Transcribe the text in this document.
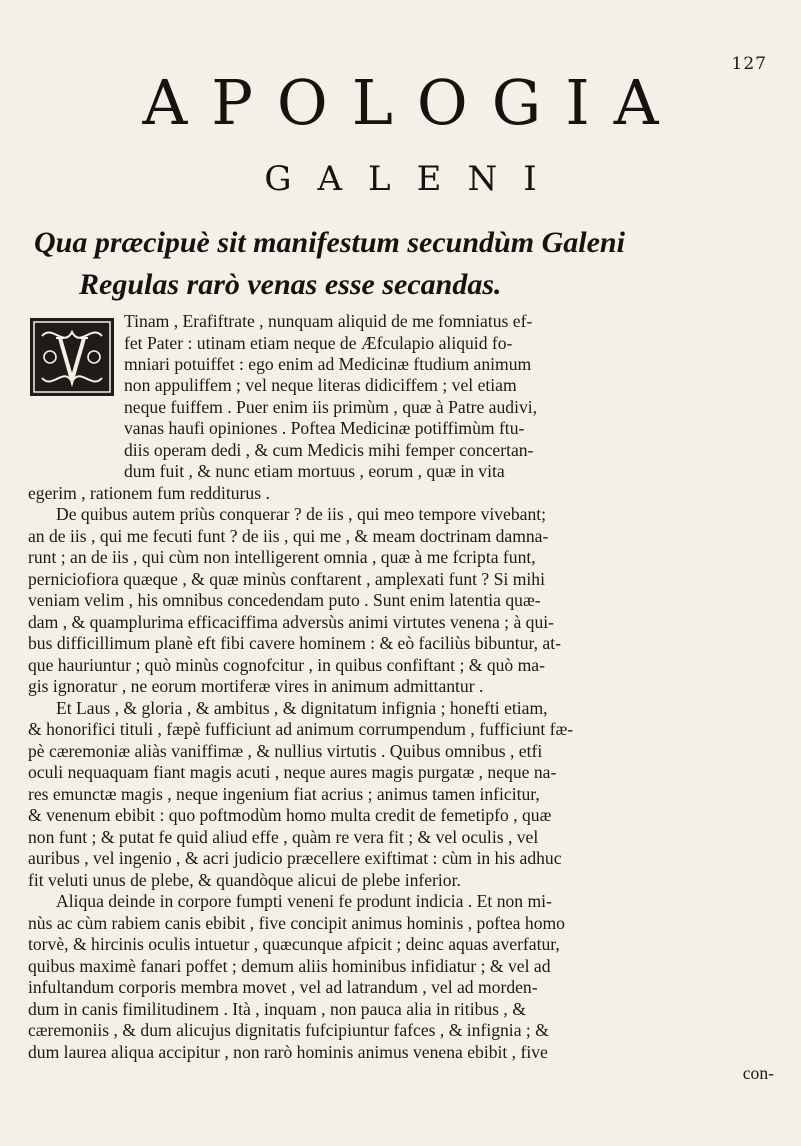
127
APOLOGIA
GALENI
Qua præcipuè sit manifestum secundùm Galeni
Regulas rarò venas esse secandas.
Tinam , Erafiftrate , nunquam aliquid de me fomniatus ef-
fet Pater : utinam etiam neque de Æfculapio aliquid fo-
mniari potuiffet : ego enim ad Medicinæ ftudium animum
non appuliffem ; vel neque literas didiciffem ; vel etiam
neque fuiffem . Puer enim iis primùm , quæ à Patre audivi,
vanas haufi opiniones . Poftea Medicinæ potiffimùm ftu-
diis operam dedi , & cum Medicis mihi femper concertan-
dum fuit , & nunc etiam mortuus , eorum , quæ in vita
egerim , rationem fum redditurus .
De quibus autem priùs conquerar ? de iis , qui meo tempore vivebant;
an de iis , qui me fecuti funt ? de iis , qui me , & meam doctrinam damna-
runt ; an de iis , qui cùm non intelligerent omnia , quæ à me fcripta funt,
perniciofiora quæque , & quæ minùs conftarent , amplexati funt ? Si mihi
veniam velim , his omnibus concedendam puto . Sunt enim latentia quæ-
dam , & quamplurima efficaciffima adversùs animi virtutes venena ; à qui-
bus difficillimum planè eft fibi cavere hominem : & eò faciliùs bibuntur, at-
que hauriuntur ; quò minùs cognofcitur , in quibus confiftant ; & quò ma-
gis ignoratur , ne eorum mortiferæ vires in animum admittantur .
Et Laus , & gloria , & ambitus , & dignitatum infignia ; honefti etiam,
& honorifici tituli , fæpè fufficiunt ad animum corrumpendum , fufficiunt fæ-
pè cæremoniæ aliàs vaniffimæ , & nullius virtutis . Quibus omnibus , etfi
oculi nequaquam fiant magis acuti , neque aures magis purgatæ , neque na-
res emunctæ magis , neque ingenium fiat acrius ; animus tamen inficitur,
& venenum ebibit : quo poftmodùm homo multa credit de femetipfo , quæ
non funt ; & putat fe quid aliud effe , quàm re vera fit ; & vel oculis , vel
auribus , vel ingenio , & acri judicio præcellere exiftimat : cùm in his adhuc
fit veluti unus de plebe, & quandòque alicui de plebe inferior.
Aliqua deinde in corpore fumpti veneni fe produnt indicia . Et non mi-
nùs ac cùm rabiem canis ebibit , five concipit animus hominis , poftea homo
torvè, & hircinis oculis intuetur , quæcunque afpicit ; deinc aquas averfatur,
quibus maximè fanari poffet ; demum aliis hominibus infidiatur ; & vel ad
infultandum corporis membra movet , vel ad latrandum , vel ad morden-
dum in canis fimilitudinem . Ità , inquam , non pauca alia in ritibus , &
cæremoniis , & dum alicujus dignitatis fufcipiuntur fafces , & infignia ; &
dum laurea aliqua accipitur , non rarò hominis animus venena ebibit , five
con-
